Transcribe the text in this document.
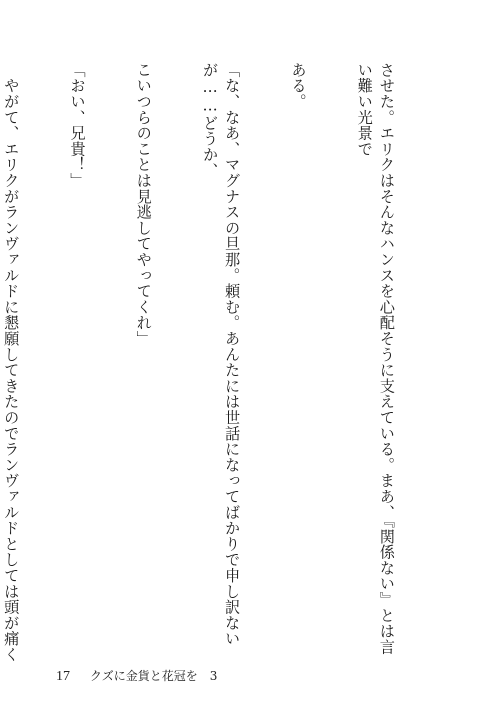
させた。エリクはそんなハンスを心配そうに支えている。まあ、『関係ない』とは言い難い光景で

ある。

「な、なあ、マグナスの旦那。頼む。あんたには世話になってばかりで申し訳ないが……どうか、

こいつらのことは見逃してやってくれ」

「おい、兄貴！」

　やがて、エリクがランヴァルドに懇願してきたのでランヴァルドとしては頭が痛く

17 クズに金貨と花冠を　3
